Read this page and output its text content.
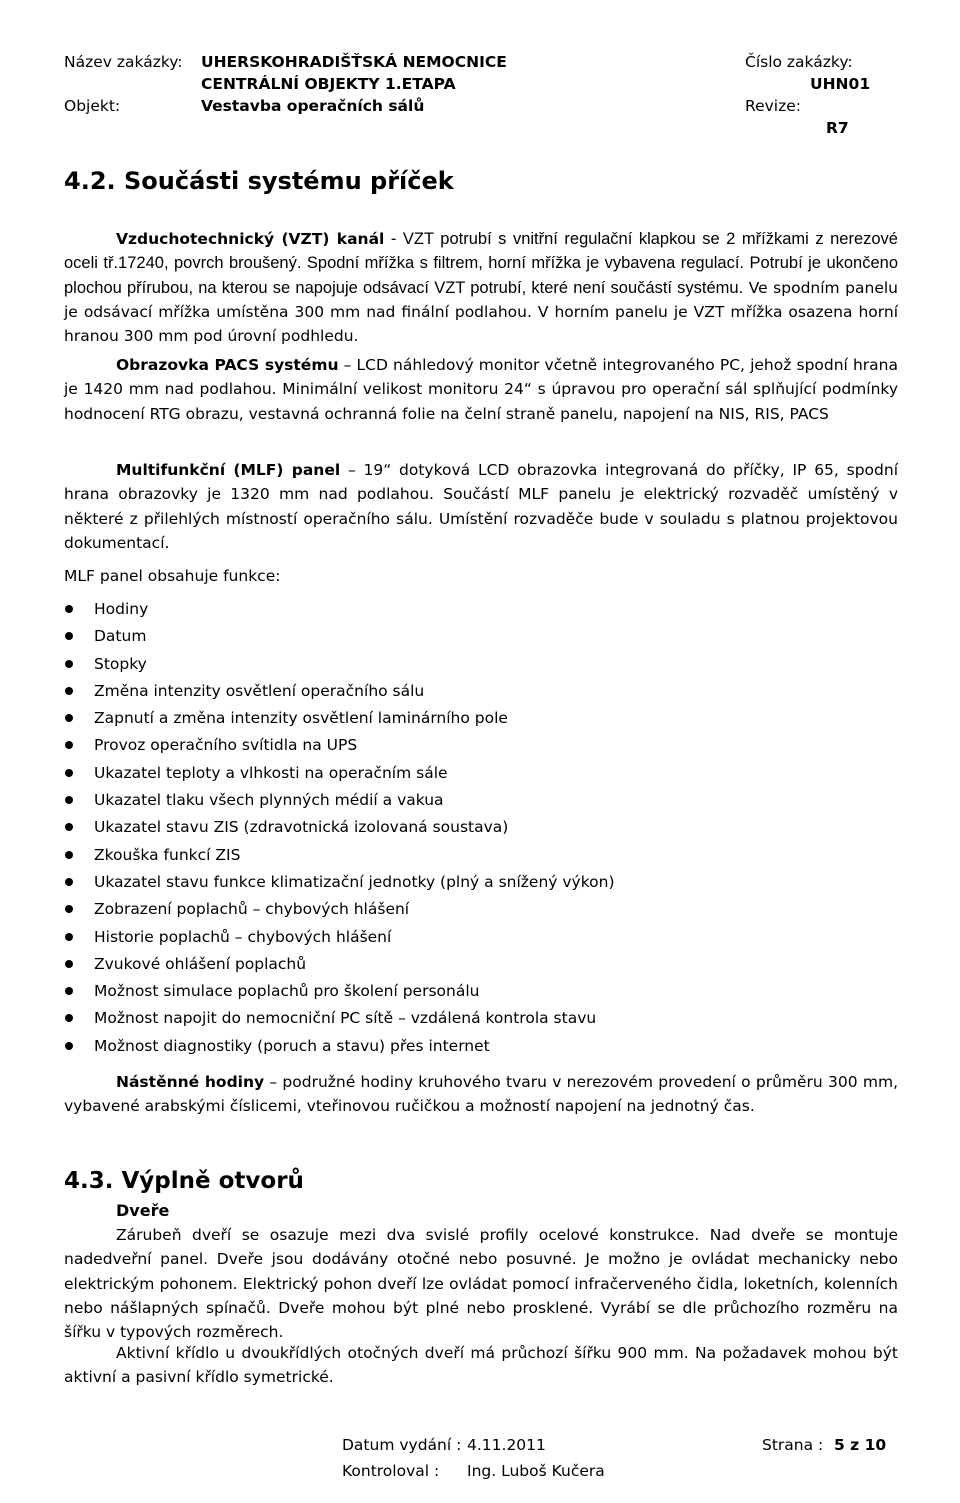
Název zakázky: UHERSKOHRADIŠŤSKÁ NEMOCNICE
CENTRÁLNÍ OBJEKTY 1.ETAPA
Objekt:	Vestavba operačních sálů
Číslo zakázky:
UHN01
Revize:
R7
4.2. Součásti systému příček

Vzduchotechnický (VZT) kanál - VZT potrubí s vnitřní regulační klapkou se 2 mřížkami z nerezové oceli tř.17240, povrch broušený. Spodní mřížka s filtrem, horní mřížka je vybavena regulací. Potrubí je ukončeno plochou přírubou, na kterou se napojuje odsávací VZT potrubí, které není součástí systému. Ve spodním panelu je odsávací mřížka umístěna 300 mm nad finální podlahou. V horním panelu je VZT mřížka osazena horní hranou 300 mm pod úrovní podhledu.

Obrazovka PACS systému – LCD náhledový monitor včetně integrovaného PC, jehož spodní hrana je 1420 mm nad podlahou. Minimální velikost monitoru 24“ s úpravou pro operační sál splňující podmínky hodnocení RTG obrazu, vestavná ochranná folie na čelní straně panelu, napojení na NIS, RIS, PACS

Multifunkční (MLF) panel – 19“ dotyková LCD obrazovka integrovaná do příčky, IP 65, spodní hrana obrazovky je 1320 mm nad podlahou. Součástí MLF panelu je elektrický rozvaděč umístěný v některé z přilehlých místností operačního sálu. Umístění rozvaděče bude v souladu s platnou projektovou dokumentací.

MLF panel obsahuje funkce:
Hodiny
Datum
Stopky
Změna intenzity osvětlení operačního sálu
Zapnutí a změna intenzity osvětlení laminárního pole
Provoz operačního svítidla na UPS
Ukazatel teploty a vlhkosti na operačním sále
Ukazatel tlaku všech plynných médií a vakua
Ukazatel stavu ZIS (zdravotnická izolovaná soustava)
Zkouška funkcí ZIS
Ukazatel stavu funkce klimatizační jednotky (plný a snížený výkon)
Zobrazení poplachů – chybových hlášení
Historie poplachů – chybových hlášení
Zvukové ohlášení poplachů
Možnost simulace poplachů pro školení personálu
Možnost napojit do nemocniční PC sítě – vzdálená kontrola stavu
Možnost diagnostiky (poruch a stavu) přes internet

Nástěnné hodiny – podružné hodiny kruhového tvaru v nerezovém provedení o průměru 300 mm, vybavené arabskými číslicemi, vteřinovou ručičkou a možností napojení na jednotný čas.

4.3. Výplně otvorů
Dveře

Zárubeň dveří se osazuje mezi dva svislé profily ocelové konstrukce. Nad dveře se montuje nadedveřní panel. Dveře jsou dodávány otočné nebo posuvné. Je možno je ovládat mechanicky nebo elektrickým pohonem. Elektrický pohon dveří lze ovládat pomocí infračerveného čidla, loketních, kolenních nebo nášlapných spínačů. Dveře mohou být plné nebo prosklené. Vyrábí se dle průchozího rozměru na šířku v typových rozměrech.

Aktivní křídlo u dvoukřídlých otočných dveří má průchozí šířku 900 mm. Na požadavek mohou být aktivní a pasivní křídlo symetrické.

Datum vydání : 4.11.2011	Strana : 5 z 10
Kontroloval : Ing. Luboš Kučera
